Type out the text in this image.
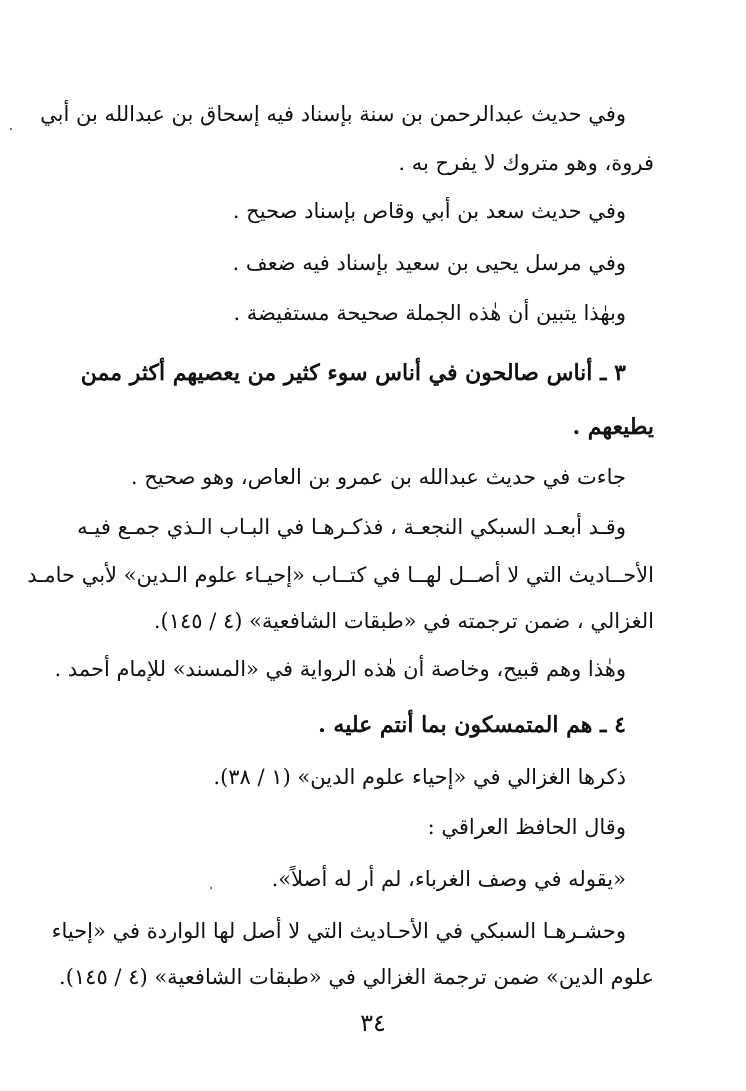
وفي حديث عبدالرحمن بن سنة بإسناد فيه إسحاق بن عبدالله بن أبي
فروة، وهو متروك لا يفرح به .
وفي حديث سعد بن أبي وقاص بإسناد صحيح .
وفي مرسل يحيى بن سعيد بإسناد فيه ضعف .
وبهٰذا يتبين أن هٰذه الجملة صحيحة مستفيضة .
٣ ـ أناس صالحون في أناس سوء كثير من يعصيهم أكثر ممن
يطيعهم .
جاءت في حديث عبدالله بن عمرو بن العاص، وهو صحيح .
وقـد أبعـد السبكي النجعـة ، فذكـرهـا في البـاب الـذي جمـع فيـه
الأحــاديث التي لا أصــل لهــا في كتــاب «إحيـاء علوم الـدين» لأبي حامـد
الغزالي ، ضمن ترجمته في «طبقات الشافعية» (٤ / ١٤٥).
وهٰذا وهم قبيح، وخاصة أن هٰذه الرواية في «المسند» للإمام أحمد .
٤ ـ هم المتمسكون بما أنتم عليه .
ذكرها الغزالي في «إحياء علوم الدين» (١ / ٣٨).
وقال الحافظ العراقي :
«يقوله في وصف الغرباء، لم أر له أصلاً».
وحشـرهـا السبكي في الأحـاديث التي لا أصل لها الواردة في «إحياء
علوم الدين» ضمن ترجمة الغزالي في «طبقات الشافعية» (٤ / ١٤٥).
٣٤
